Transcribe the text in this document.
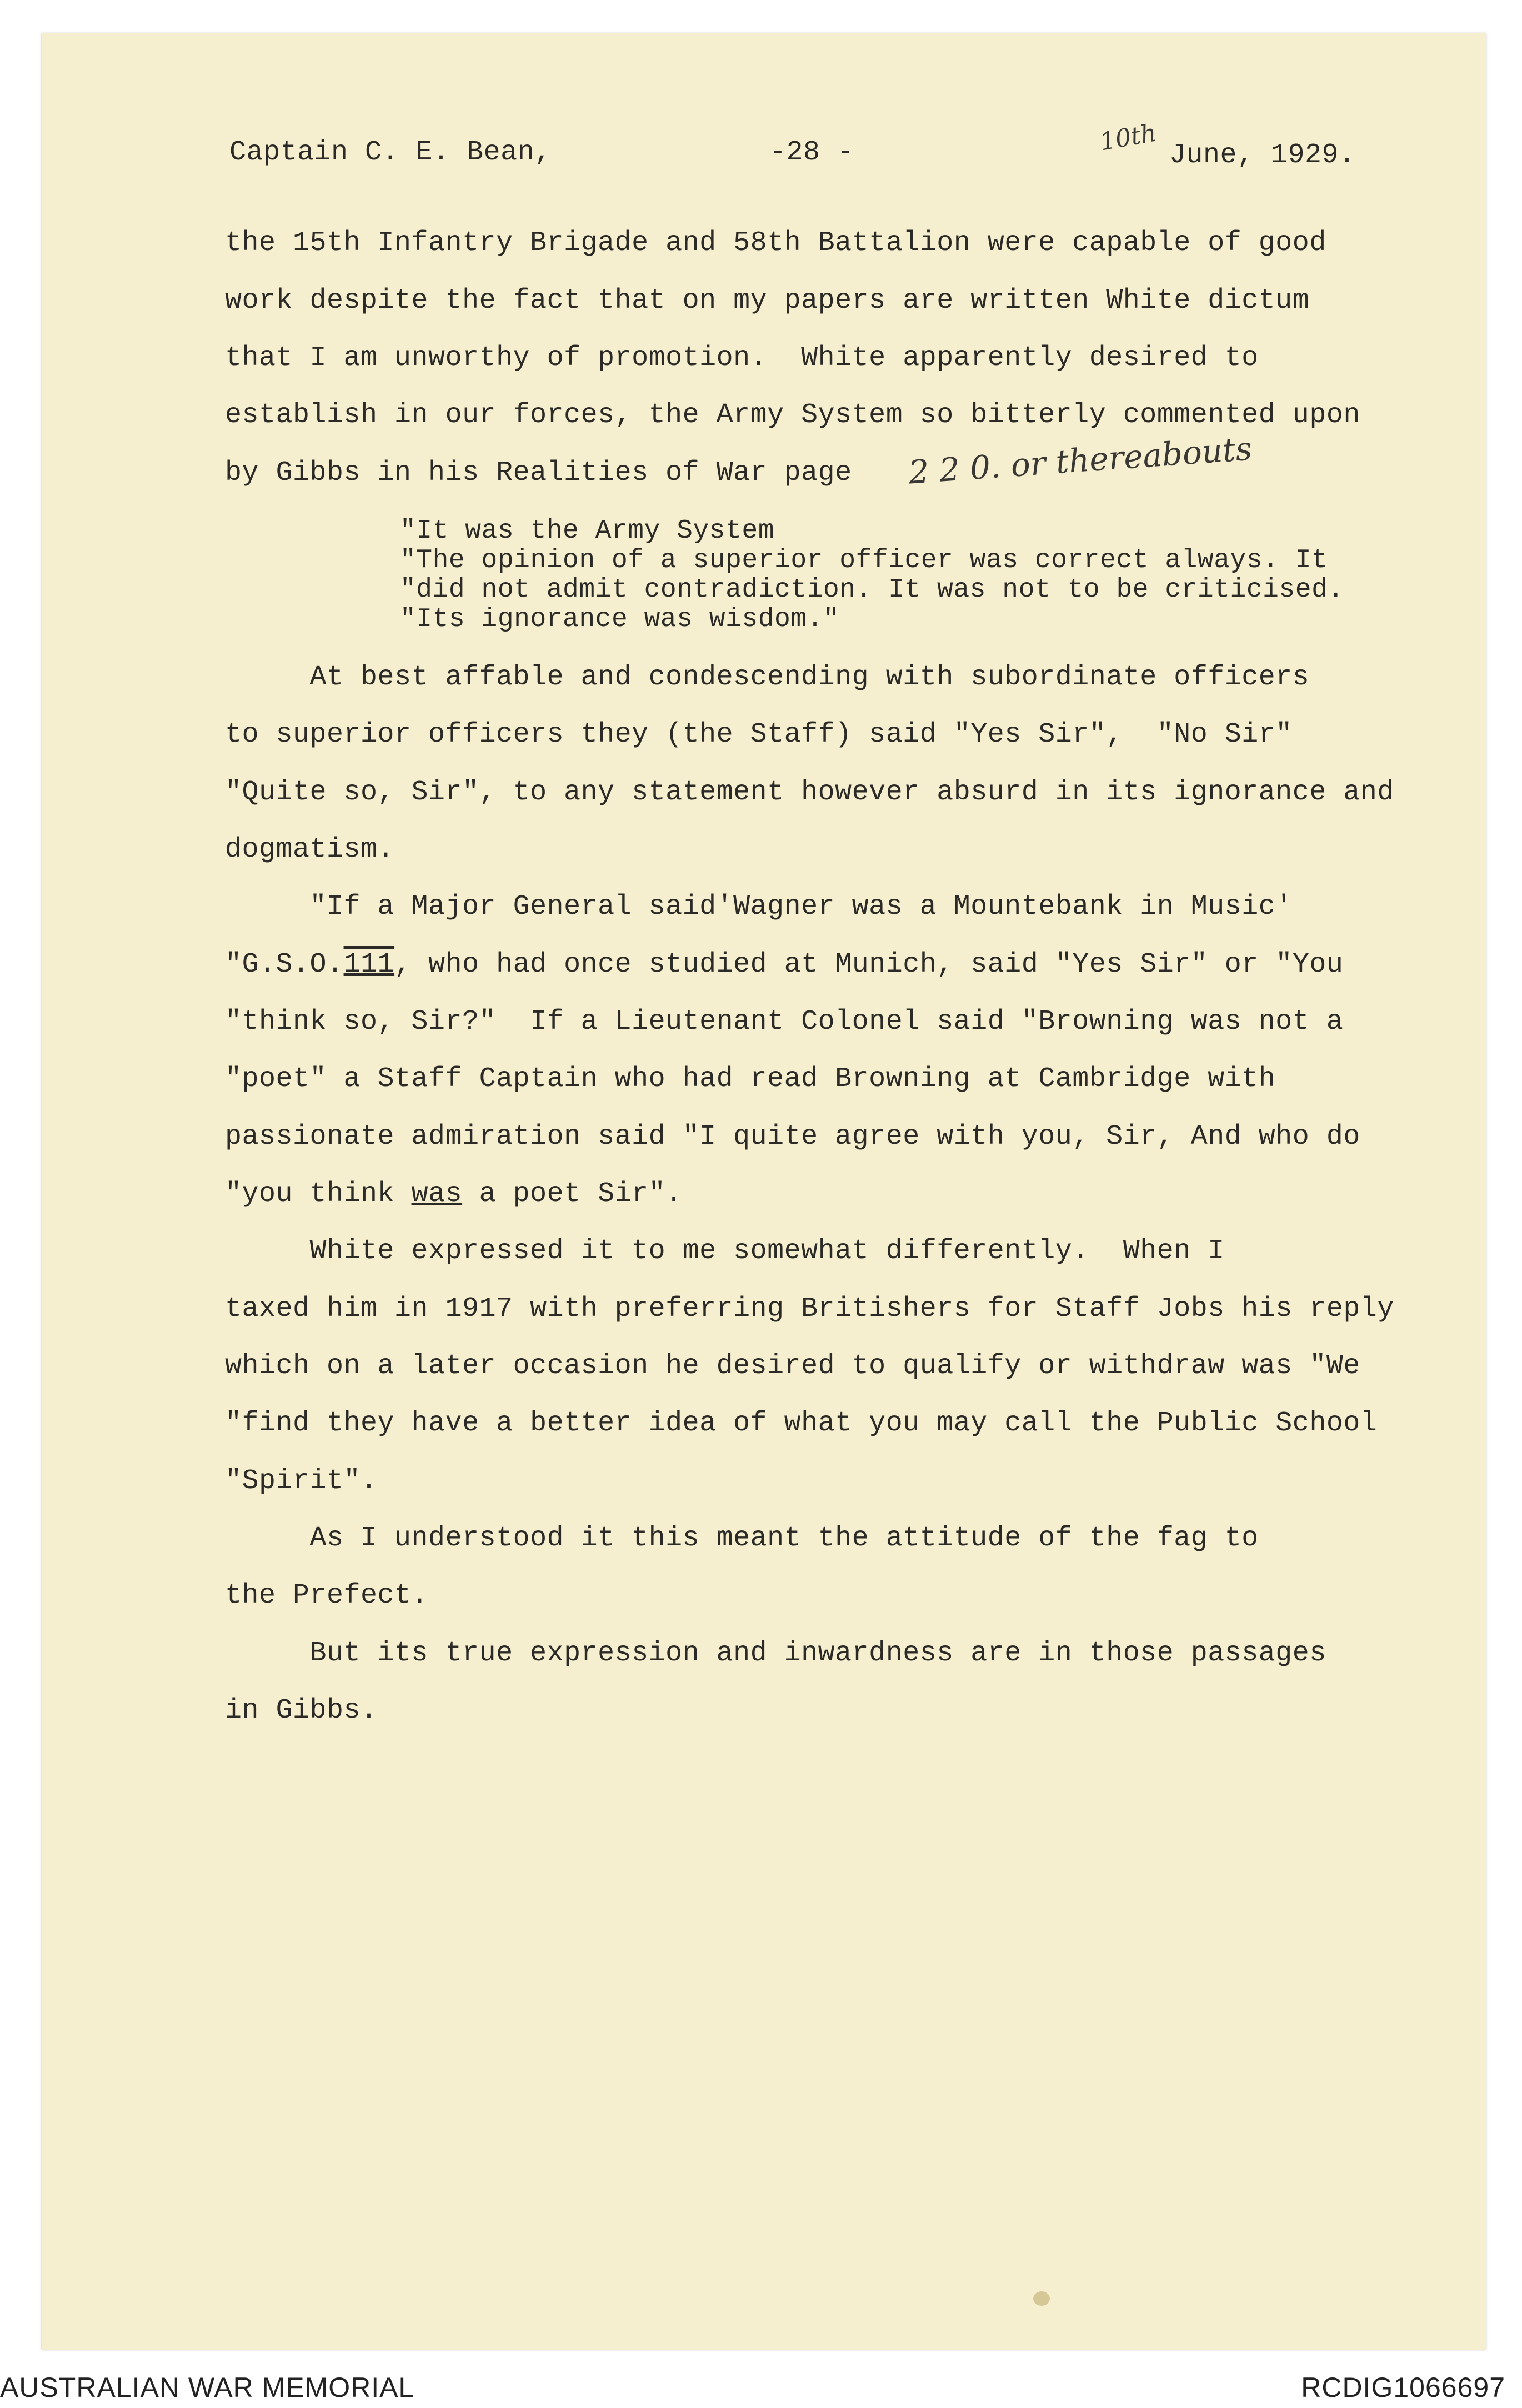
Captain C. E. Bean,	-28 -	10th June, 1929.
the 15th Infantry Brigade and 58th Battalion were capable of good
work despite the fact that on my papers are written White dictum
that I am unworthy of promotion.  White apparently desired to
establish in our forces, the Army System so bitterly commented upon
by Gibbs in his Realities of War page 2 2 0. or thereabouts
"It was the Army System
"The opinion of a superior officer was correct always. It
"did not admit contradiction. It was not to be criticised.
"Its ignorance was wisdom."
At best affable and condescending with subordinate officers
to superior officers they (the Staff) said "Yes Sir",  "No Sir"
"Quite so, Sir", to any statement however absurd in its ignorance and
dogmatism.
"If a Major General said'Wagner was a Mountebank in Music'
"G.S.O.111, who had once studied at Munich, said "Yes Sir" or "You
"think so, Sir?"  If a Lieutenant Colonel said "Browning was not a
"poet" a Staff Captain who had read Browning at Cambridge with
passionate admiration said "I quite agree with you, Sir, And who do
"you think was a poet Sir".
White expressed it to me somewhat differently.  When I
taxed him in 1917 with preferring Britishers for Staff Jobs his reply
which on a later occasion he desired to qualify or withdraw was "We
"find they have a better idea of what you may call the Public School
"Spirit".
As I understood it this meant the attitude of the fag to
the Prefect.
But its true expression and inwardness are in those passages
in Gibbs.
AUSTRALIAN WAR MEMORIAL	RCDIG1066697
